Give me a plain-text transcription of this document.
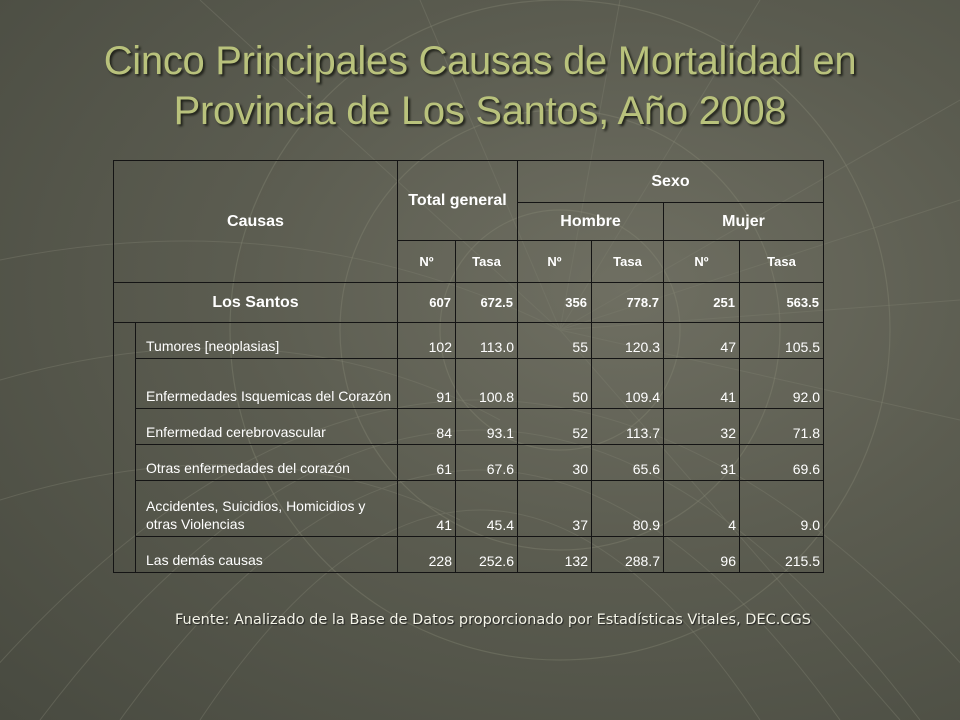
Cinco Principales Causas de Mortalidad en
Provincia de Los Santos, Año 2008
Causas		Total general		Sexo			
				Hombre		Mujer	
		Nº	Tasa	Nº	Tasa	Nº	Tasa
Los Santos		607	672.5	356	778.7	251	563.5
	Tumores [neoplasias]	102	113.0	55	120.3	47	105.5
	Enfermedades Isquemicas del Corazón	91	100.8	50	109.4	41	92.0
	Enfermedad cerebrovascular	84	93.1	52	113.7	32	71.8
	Otras enfermedades del corazón	61	67.6	30	65.6	31	69.6
	Accidentes, Suicidios, Homicidios y otras Violencias	41	45.4	37	80.9	4	9.0
	Las demás causas	228	252.6	132	288.7	96	215.5
Fuente: Analizado de la Base de Datos proporcionado por Estadísticas Vitales, DEC.CGS
